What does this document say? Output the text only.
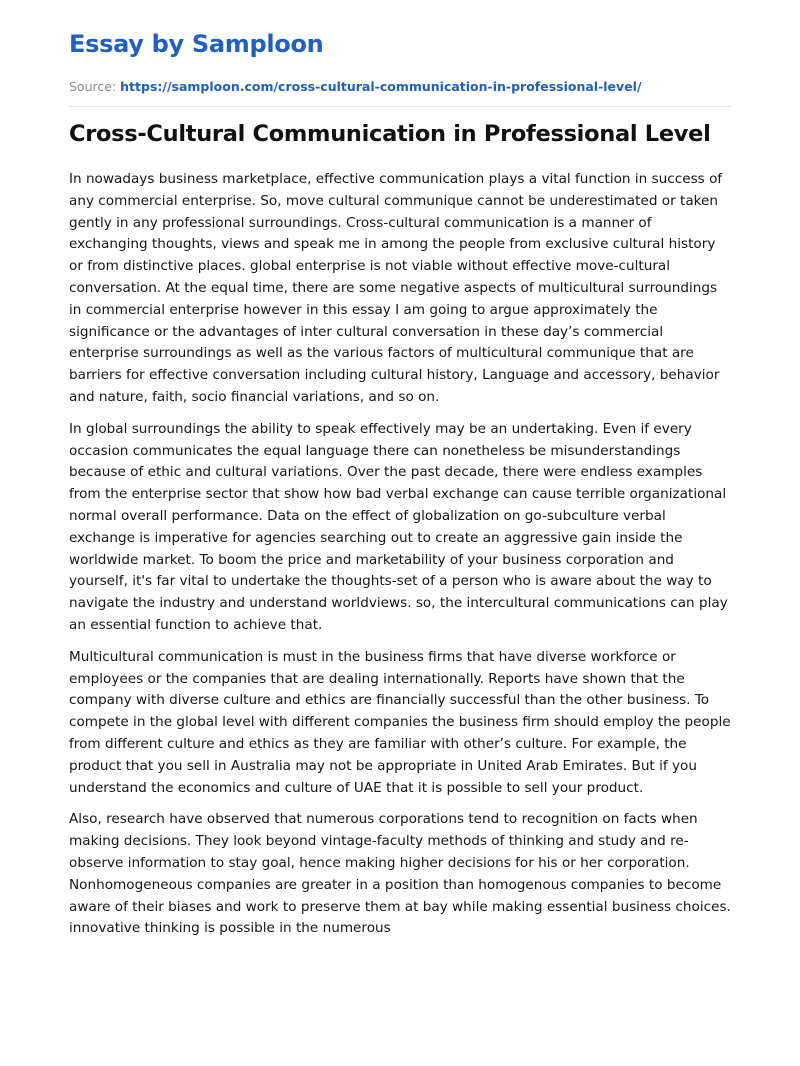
Essay by Samploon
Source: https://samploon.com/cross-cultural-communication-in-professional-level/
Cross-Cultural Communication in Professional Level

In nowadays business marketplace, effective communication plays a vital function in success of any commercial enterprise. So, move cultural communique cannot be underestimated or taken gently in any professional surroundings. Cross-cultural communication is a manner of exchanging thoughts, views and speak me in among the people from exclusive cultural history or from distinctive places. global enterprise is not viable without effective move-cultural conversation. At the equal time, there are some negative aspects of multicultural surroundings in commercial enterprise however in this essay I am going to argue approximately the significance or the advantages of inter cultural conversation in these day’s commercial enterprise surroundings as well as the various factors of multicultural communique that are barriers for effective conversation including cultural history, Language and accessory, behavior and nature, faith, socio financial variations, and so on.

In global surroundings the ability to speak effectively may be an undertaking. Even if every occasion communicates the equal language there can nonetheless be misunderstandings because of ethic and cultural variations. Over the past decade, there were endless examples from the enterprise sector that show how bad verbal exchange can cause terrible organizational normal overall performance. Data on the effect of globalization on go-subculture verbal exchange is imperative for agencies searching out to create an aggressive gain inside the worldwide market. To boom the price and marketability of your business corporation and yourself, it's far vital to undertake the thoughts-set of a person who is aware about the way to navigate the industry and understand worldviews. so, the intercultural communications can play an essential function to achieve that.

Multicultural communication is must in the business firms that have diverse workforce or employees or the companies that are dealing internationally. Reports have shown that the company with diverse culture and ethics are financially successful than the other business. To compete in the global level with different companies the business firm should employ the people from different culture and ethics as they are familiar with other’s culture. For example, the product that you sell in Australia may not be appropriate in United Arab Emirates. But if you understand the economics and culture of UAE that it is possible to sell your product.

Also, research have observed that numerous corporations tend to recognition on facts when making decisions. They look beyond vintage-faculty methods of thinking and study and re-observe information to stay goal, hence making higher decisions for his or her corporation. Nonhomogeneous companies are greater in a position than homogenous companies to become aware of their biases and work to preserve them at bay while making essential business choices. innovative thinking is possible in the numerous
